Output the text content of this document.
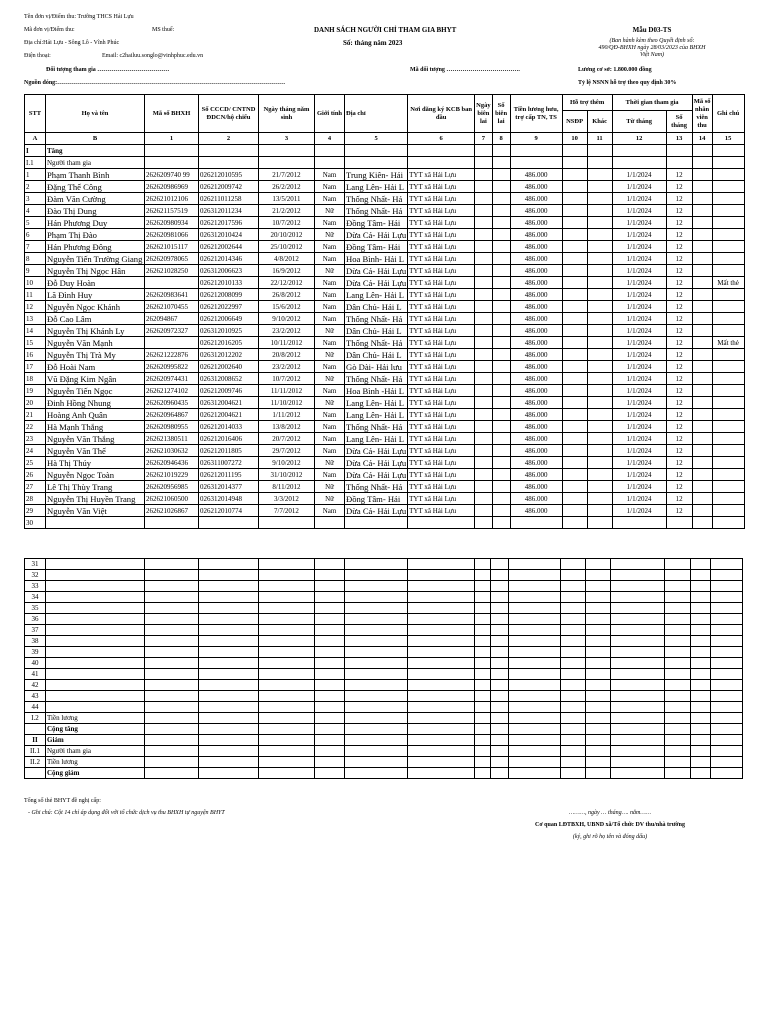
Tên đơn vị/Điểm thu: Trường THCS Hải Lựu
Mã đơn vị/Điểm thu:	MS thuế:
Địa chỉ:Hải Lựu - Sông Lô - Vĩnh Phúc
Điện thoại:	Email: c2hailuu.songlo@vinhphuc.edu.vn
DANH SÁCH NGƯỜI CHỈ THAM GIA BHYT
Số: tháng năm 2023
Mẫu D03-TS
(Ban hành kèm theo Quyết định số:
490/QĐ-BHXH ngày 28/03/2023 của BHXH
Việt Nam)
Đối tượng tham gia ………………………………	Mã đối tượng ……………………………….	Lương cơ sở: 1.800.000 đồng
Nguồn đóng:……………………………………………………………………………………………………	Tỷ lệ NSNN hỗ trợ theo quy định 30%
STT	Họ và tên	Mã số BHXH	Số CCCD/ CNTND ĐDCN/hộ chiếu	Ngày tháng năm sinh	Giới tính	Địa chỉ	Nơi đăng ký KCB ban đầu	Ngày biên lai	Số biên lai	Tiền lương hưu, trợ cấp TN, TS	Hỗ trợ thêm		Thời gian tham gia		Mã số nhân viên thu	Ghi chú
											NSĐP	Khác	Từ tháng	Số tháng		
A	B	1	2	3	4	5	6	7	8	9	10	11	12	13	14	15
I	Tăng															
I.1	Người tham gia															
1	Phạm Thanh Bình	2626209740 99	026212010595	21/7/2012	Nam	Trung Kiên- Hải	TYT xã Hải Lựu			486.000			1/1/2024	12		
2	Đặng Thế Công	262620986969	026212009742	26/2/2012	Nam	Lang Lên- Hải L	TYT xã Hải Lựu			486.000			1/1/2024	12		
3	Đàm Văn Cường	262621012106	026211011258	13/5/2011	Nam	Thống Nhất- Hả	TYT xã Hải Lựu			486.000			1/1/2024	12		
4	Đào Thị Dung	262621157519	026312011234	21/2/2012	Nữ	Thống Nhất- Hả	TYT xã Hải Lựu			486.000			1/1/2024	12		
5	Hán Phương Duy	262620980934	026212017596	10/7/2012	Nam	Đồng Tâm- Hải	TYT xã Hải Lựu			486.000			1/1/2024	12		
6	Phạm Thị Đào	262620981066	026312010424	20/10/2012	Nữ	Dừa Cả- Hải Lựu	TYT xã Hải Lựu			486.000			1/1/2024	12		
7	Hán Phương Đông	262621015117	026212002644	25/10/2012	Nam	Đồng Tâm- Hải	TYT xã Hải Lựu			486.000			1/1/2024	12		
8	Nguyễn Tiến Trường Giang	262620978065	026212014346	4/8/2012	Nam	Hoa Bình- Hải L	TYT xã Hải Lựu			486.000			1/1/2024	12		
9	Nguyễn Thị Ngọc Hân	262621028250	026312006623	16/9/2012	Nữ	Dừa Cả- Hải Lựu	TYT xã Hải Lựu			486.000			1/1/2024	12		
10	Đỗ Duy Hoàn		026212010133	22/12/2012	Nam	Dừa Cả- Hải Lựu	TYT xã Hải Lựu			486.000			1/1/2024	12		Mất thẻ
11	Lã Đình Huy	262620983641	026212008099	26/8/2012	Nam	Lang Lên- Hải L	TYT xã Hải Lựu			486.000			1/1/2024	12		
12	Nguyễn Ngọc Khánh	262621070455	026212022997	15/6/2012	Nam	Dân Chủ- Hải L	TYT xã Hải Lựu			486.000			1/1/2024	12		
13	Đỗ Cao Lâm	262094867	026212006649	9/10/2012	Nam	Thống Nhất- Hả	TYT xã Hải Lựu			486.000			1/1/2024	12		
14	Nguyễn Thị Khánh Ly	262620972327	026312010925	23/2/2012	Nữ	Dân Chủ- Hải L	TYT xã Hải Lựu			486.000			1/1/2024	12		
15	Nguyễn Văn Mạnh		026212016205	10/11/2012	Nam	Thống Nhất- Hả	TYT xã Hải Lựu			486.000			1/1/2024	12		Mất thẻ
16	Nguyễn Thị Trà My	262621222876	026312012202	20/8/2012	Nữ	Dân Chủ- Hải L	TYT xã Hải Lựu			486.000			1/1/2024	12		
17	Đỗ Hoài Nam	262620995822	026212002640	23/2/2012	Nam	Gò Dài- Hải lưu	TYT xã Hải Lựu			486.000			1/1/2024	12		
18	Vũ Đặng Kim Ngân	262620974431	026312008652	10/7/2012	Nữ	Thống Nhất- Hả	TYT xã Hải Lựu			486.000			1/1/2024	12		
19	Nguyễn Tiến Ngọc	262621274102	026212009746	11/11/2012	Nam	Hoa Bình -Hải L	TYT xã Hải Lựu			486.000			1/1/2024	12		
20	Đinh Hồng Nhung	262620960435	026312004621	11/10/2012	Nữ	Lang Lên- Hải L	TYT xã Hải Lựu			486.000			1/1/2024	12		
21	Hoàng Anh Quân	262620964867	026212004621	1/11/2012	Nam	Lang Lên- Hải L	TYT xã Hải Lựu			486.000			1/1/2024	12		
22	Hà Mạnh Thắng	262620980955	026212014033	13/8/2012	Nam	Thống Nhất- Hả	TYT xã Hải Lựu			486.000			1/1/2024	12		
23	Nguyễn Văn Thắng	262621380511	026212016406	20/7/2012	Nam	Lang Lên- Hải L	TYT xã Hải Lựu			486.000			1/1/2024	12		
24	Nguyễn Văn Thế	262621030632	026212011805	29/7/2012	Nam	Dừa Cả- Hải Lựu	TYT xã Hải Lựu			486.000			1/1/2024	12		
25	Hà Thị Thúy	262620946436	026311007272	9/10/2012	Nữ	Dừa Cả- Hải Lựu	TYT xã Hải Lựu			486.000			1/1/2024	12		
26	Nguyễn Ngọc Toàn	262621019229	026212011195	31/10/2012	Nam	Dừa Cả- Hải Lựu	TYT xã Hải Lựu			486.000			1/1/2024	12		
27	Lê Thị Thùy Trang	262620956985	026312014377	8/11/2012	Nữ	Thống Nhất- Hả	TYT xã Hải Lựu			486.000			1/1/2024	12		
28	Nguyễn Thị Huyền Trang	262621060500	026312014948	3/3/2012	Nữ	Đồng Tâm- Hải	TYT xã Hải Lựu			486.000			1/1/2024	12		
29	Nguyễn Văn Việt	262621026867	026212010774	7/7/2012	Nam	Dừa Cả- Hải Lựu	TYT xã Hải Lựu			486.000			1/1/2024	12		
30																
31																
32																
33																
34																
35																
36																
37																
38																
39																
40																
41																
42																
43																
44																
I.2	Tiền lương															
	Cộng tăng															
II	Giảm															
II.1	Người tham gia															
II.2	Tiền lương															
	Cộng giảm															
Tổng số thẻ BHYT đề nghị cấp:
- Ghi chú: Cột 14 chỉ áp dụng đối với tổ chức dịch vụ thu BHXH tự nguyện BHYT	………, ngày … tháng…. năm……
Cơ quan LĐTBXH, UBND xã/Tổ chức DV thu/nhà trường
(ký, ghi rõ họ tên và đóng dấu)
